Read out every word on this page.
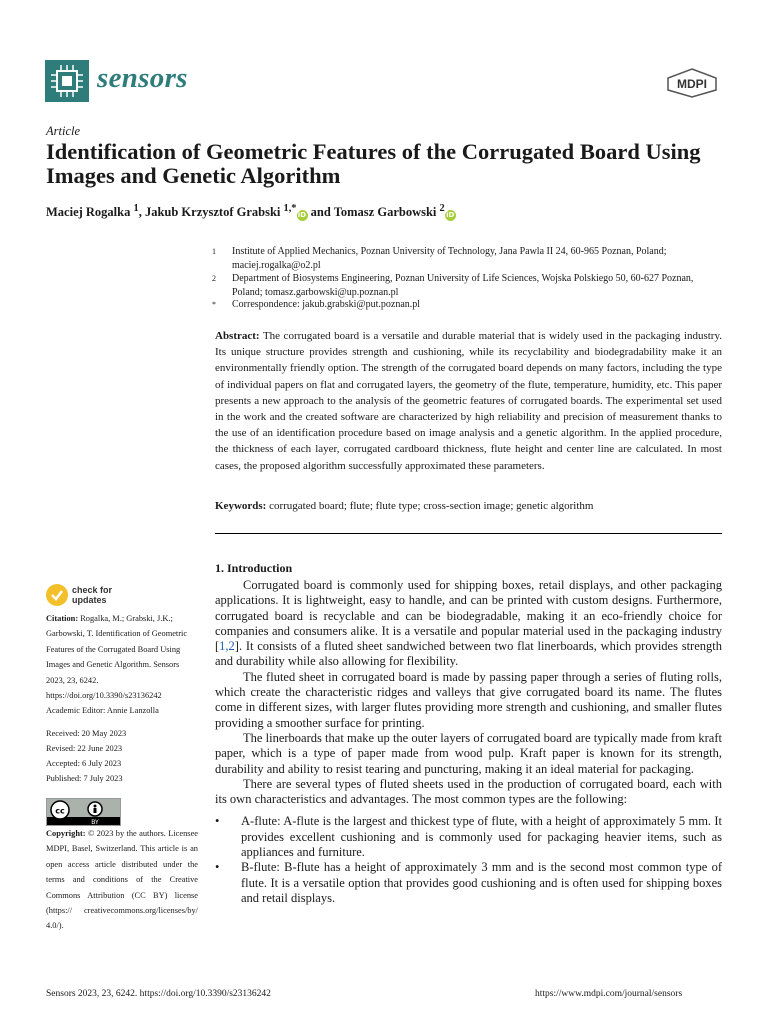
sensors	MDPI
Article
Identification of Geometric Features of the Corrugated Board Using Images and Genetic Algorithm
Maciej Rogalka $^1$, Jakub Krzysztof Grabski $^{1,*}$iD and Tomasz Garbowski $^2$iD
1 Institute of Applied Mechanics, Poznan University of Technology, Jana Pawla II 24, 60-965 Poznan, Poland; maciej.rogalka@o2.pl
2 Department of Biosystems Engineering, Poznan University of Life Sciences, Wojska Polskiego 50, 60-627 Poznan, Poland; tomasz.garbowski@up.poznan.pl
* Correspondence: jakub.grabski@put.poznan.pl
Abstract: The corrugated board is a versatile and durable material that is widely used in the packaging industry. Its unique structure provides strength and cushioning, while its recyclability and biodegradability make it an environmentally friendly option. The strength of the corrugated board depends on many factors, including the type of individual papers on flat and corrugated layers, the geometry of the flute, temperature, humidity, etc. This paper presents a new approach to the analysis of the geometric features of corrugated boards. The experimental set used in the work and the created software are characterized by high reliability and precision of measurement thanks to the use of an identification procedure based on image analysis and a genetic algorithm. In the applied procedure, the thickness of each layer, corrugated cardboard thickness, flute height and center line are calculated. In most cases, the proposed algorithm successfully approximated these parameters.
Keywords: corrugated board; flute; flute type; cross-section image; genetic algorithm
1. Introduction

Corrugated board is commonly used for shipping boxes, retail displays, and other packaging applications. It is lightweight, easy to handle, and can be printed with custom designs. Furthermore, corrugated board is recyclable and can be biodegradable, making it an eco-friendly choice for companies and consumers alike. It is a versatile and popular material used in the packaging industry [1,2]. It consists of a fluted sheet sandwiched between two flat linerboards, which provides strength and durability while also allowing for flexibility.

The fluted sheet in corrugated board is made by passing paper through a series of fluting rolls, which create the characteristic ridges and valleys that give corrugated board its name. The flutes come in different sizes, with larger flutes providing more strength and cushioning, and smaller flutes providing a smoother surface for printing.

The linerboards that make up the outer layers of corrugated board are typically made from kraft paper, which is a type of paper made from wood pulp. Kraft paper is known for its strength, durability and ability to resist tearing and puncturing, making it an ideal material for packaging.

There are several types of fluted sheets used in the production of corrugated board, each with its own characteristics and advantages. The most common types are the following:

• A-flute: A-flute is the largest and thickest type of flute, with a height of approximately 5 mm. It provides excellent cushioning and is commonly used for packaging heavier items, such as appliances and furniture.
• B-flute: B-flute has a height of approximately 3 mm and is the second most common type of flute. It is a versatile option that provides good cushioning and is often used for shipping boxes and retail displays.
check for
updates
Citation: Rogalka, M.; Grabski, J.K.; Garbowski, T. Identification of Geometric Features of the Corrugated Board Using Images and Genetic Algorithm. Sensors 2023, 23, 6242. https://doi.org/10.3390/s23136242
Academic Editor: Annie Lanzolla
Received: 20 May 2023
Revised: 22 June 2023
Accepted: 6 July 2023
Published: 7 July 2023
cc
BY
Copyright: © 2023 by the authors. Licensee MDPI, Basel, Switzerland. This article is an open access article distributed under the terms and conditions of the Creative Commons Attribution (CC BY) license (https:// creativecommons.org/licenses/by/ 4.0/).
Sensors 2023, 23, 6242. https://doi.org/10.3390/s23136242	https://www.mdpi.com/journal/sensors
